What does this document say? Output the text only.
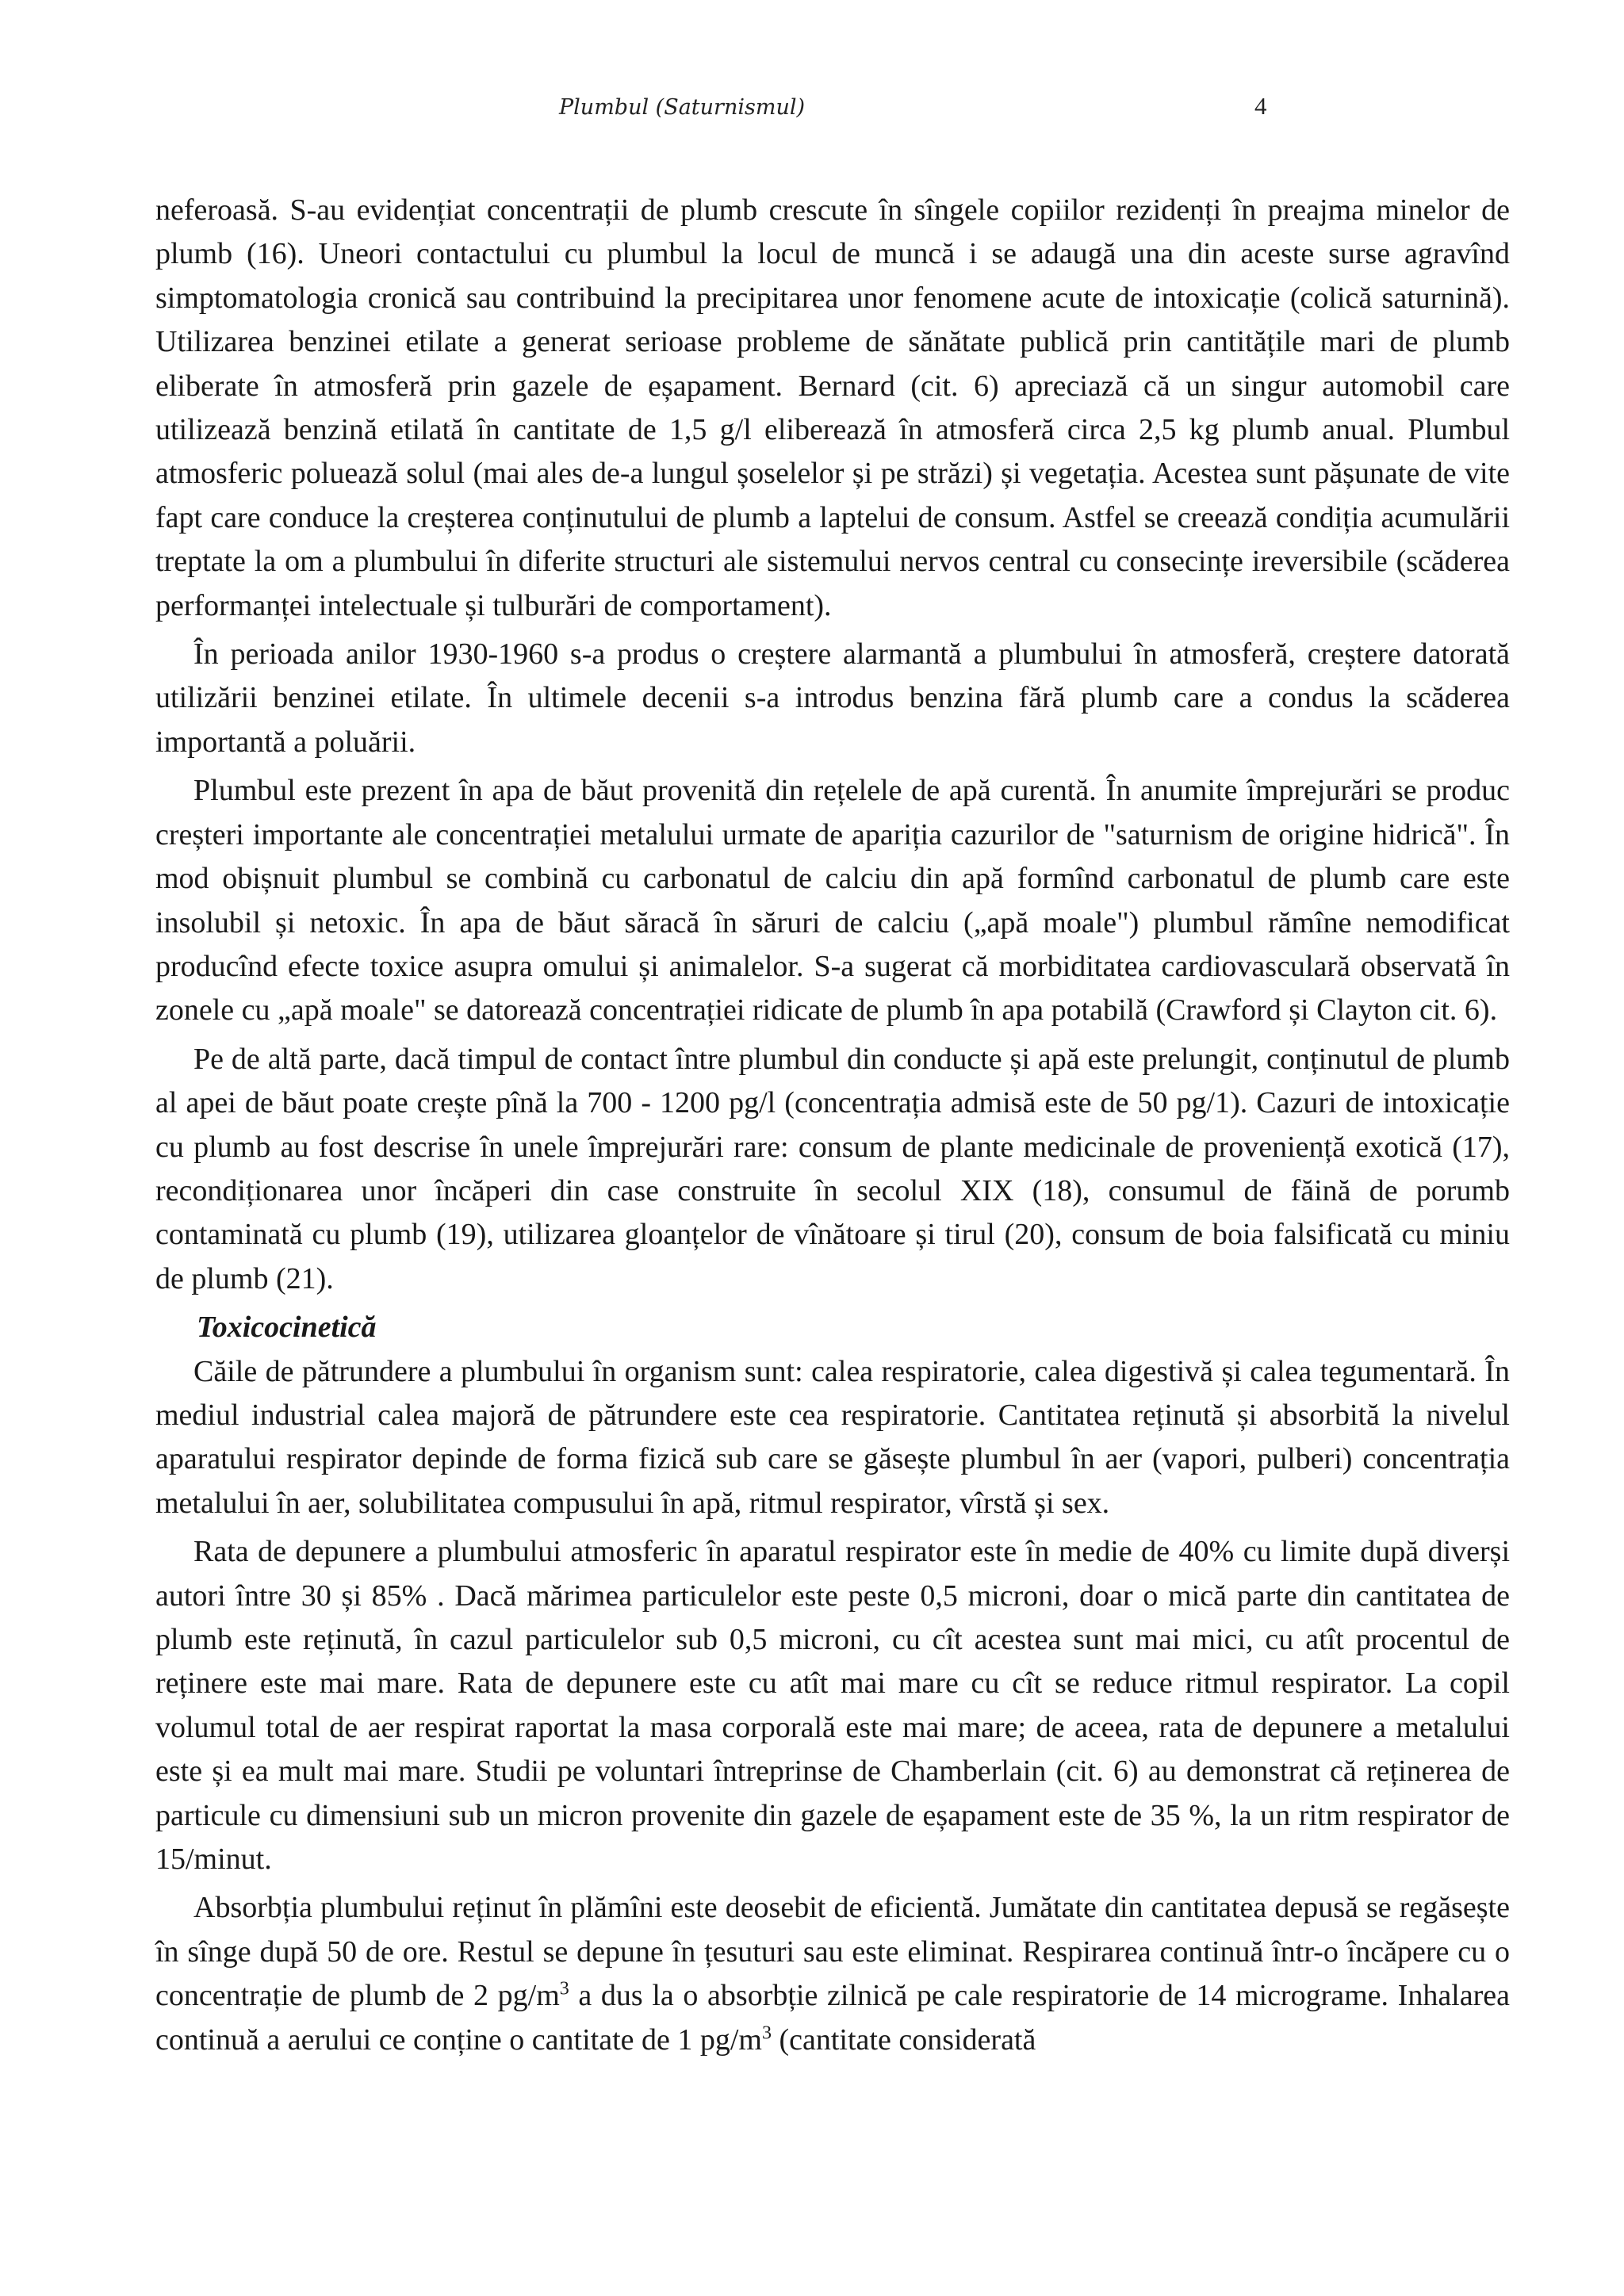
Plumbul (Saturnismul)	4

neferoasă. S-au evidențiat concentrații de plumb crescute în sîngele copiilor rezidenți în preajma minelor de plumb (16). Uneori contactului cu plumbul la locul de muncă i se adaugă una din aceste surse agravînd simptomatologia cronică sau contribuind la precipitarea unor fenomene acute de intoxicație (colică saturnină). Utilizarea benzinei etilate a generat serioase probleme de sănătate publică prin cantitățile mari de plumb eliberate în atmosferă prin gazele de eșapament. Bernard (cit. 6) apreciază că un singur automobil care utilizează benzină etilată în cantitate de 1,5 g/l eliberează în atmosferă circa 2,5 kg plumb anual. Plumbul atmosferic poluează solul (mai ales de-a lungul șoselelor și pe străzi) și vegetația. Acestea sunt pășunate de vite fapt care conduce la creșterea conținutului de plumb a laptelui de consum. Astfel se creează condiția acumulării treptate la om a plumbului în diferite structuri ale sistemului nervos central cu consecințe ireversibile (scăderea performanței intelectuale și tulburări de comportament).

În perioada anilor 1930-1960 s-a produs o creștere alarmantă a plumbului în atmosferă, creștere datorată utilizării benzinei etilate. În ultimele decenii s-a introdus benzina fără plumb care a condus la scăderea importantă a poluării.

Plumbul este prezent în apa de băut provenită din rețelele de apă curentă. În anumite împrejurări se produc creșteri importante ale concentrației metalului urmate de apariția cazurilor de "saturnism de origine hidrică". În mod obișnuit plumbul se combină cu carbonatul de calciu din apă formînd carbonatul de plumb care este insolubil și netoxic. În apa de băut săracă în săruri de calciu („apă moale") plumbul rămîne nemodificat producînd efecte toxice asupra omului și animalelor. S-a sugerat că morbiditatea cardiovasculară observată în zonele cu „apă moale" se datorează concentrației ridicate de plumb în apa potabilă (Crawford și Clayton cit. 6).

Pe de altă parte, dacă timpul de contact între plumbul din conducte și apă este prelungit, conținutul de plumb al apei de băut poate crește pînă la 700 - 1200 pg/l (concentrația admisă este de 50 pg/1). Cazuri de intoxicație cu plumb au fost descrise în unele împrejurări rare: consum de plante medicinale de proveniență exotică (17), recondiționarea unor încăperi din case construite în secolul XIX (18), consumul de făină de porumb contaminată cu plumb (19), utilizarea gloanțelor de vînătoare și tirul (20), consum de boia falsificată cu miniu de plumb (21).

Toxicocinetică

Căile de pătrundere a plumbului în organism sunt: calea respiratorie, calea digestivă și calea tegumentară. În mediul industrial calea majoră de pătrundere este cea respiratorie. Cantitatea reținută și absorbită la nivelul aparatului respirator depinde de forma fizică sub care se găsește plumbul în aer (vapori, pulberi) concentrația metalului în aer, solubilitatea compusului în apă, ritmul respirator, vîrstă și sex.

Rata de depunere a plumbului atmosferic în aparatul respirator este în medie de 40% cu limite după diverși autori între 30 și 85% . Dacă mărimea particulelor este peste 0,5 microni, doar o mică parte din cantitatea de plumb este reținută, în cazul particulelor sub 0,5 microni, cu cît acestea sunt mai mici, cu atît procentul de reținere este mai mare. Rata de depunere este cu atît mai mare cu cît se reduce ritmul respirator. La copil volumul total de aer respirat raportat la masa corporală este mai mare; de aceea, rata de depunere a metalului este și ea mult mai mare. Studii pe voluntari întreprinse de Chamberlain (cit. 6) au demonstrat că reținerea de particule cu dimensiuni sub un micron provenite din gazele de eșapament este de 35 %, la un ritm respirator de 15/minut.

Absorbția plumbului reținut în plămîni este deosebit de eficientă. Jumătate din cantitatea depusă se regăsește în sînge după 50 de ore. Restul se depune în țesuturi sau este eliminat. Respirarea continuă într-o încăpere cu o concentrație de plumb de 2 $pg/m^3$ a dus la o absorbție zilnică pe cale respiratorie de 14 micrograme. Inhalarea continuă a aerului ce conține o cantitate de 1 $pg/m^3$ (cantitate considerată
